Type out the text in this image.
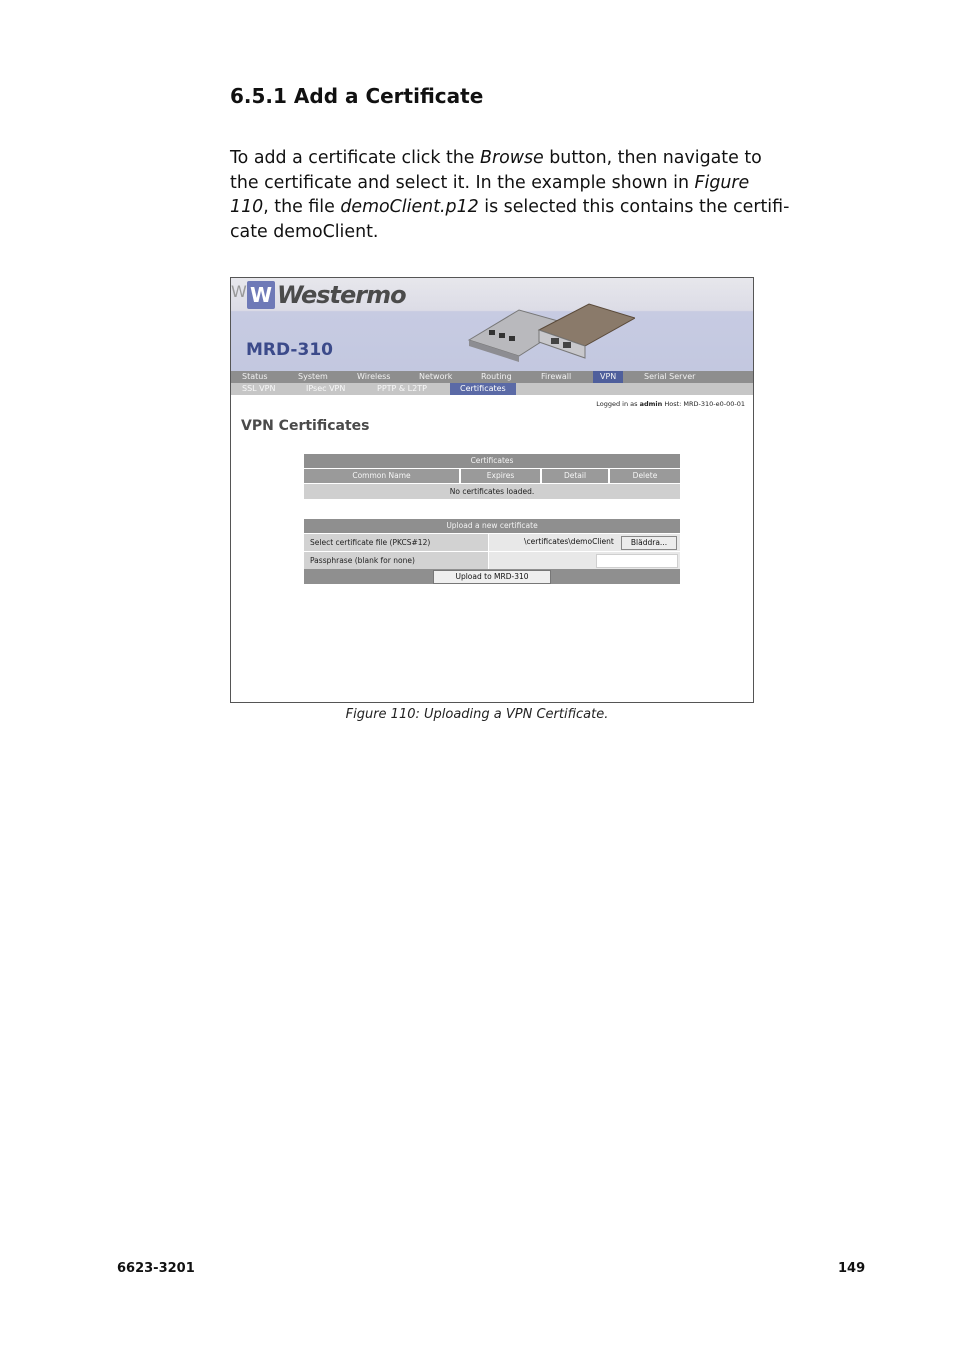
6.5.1 Add a Certificate

To add a certificate click the Browse button, then navigate to
the certificate and select it. In the example shown in Figure
110, the file demoClient.p12 is selected this contains the certifi-
cate demoClient.

W W Westermo
MRD-310
Status	System	Wireless	Network	Routing	Firewall	VPN	Serial Server
SSL VPN	IPsec VPN	PPTP & L2TP	Certificates
Logged in as admin Host: MRD-310-e0-00-01
VPN Certificates
Certificates
Common Name	Expires	Detail	Delete
No certificates loaded.
Upload a new certificate
Select certificate file (PKCS#12)	\certificates\demoClient	Bläddra...
Passphrase (blank for none)
Upload to MRD-310

Figure 110: Uploading a VPN Certificate.

6623-3201	149
